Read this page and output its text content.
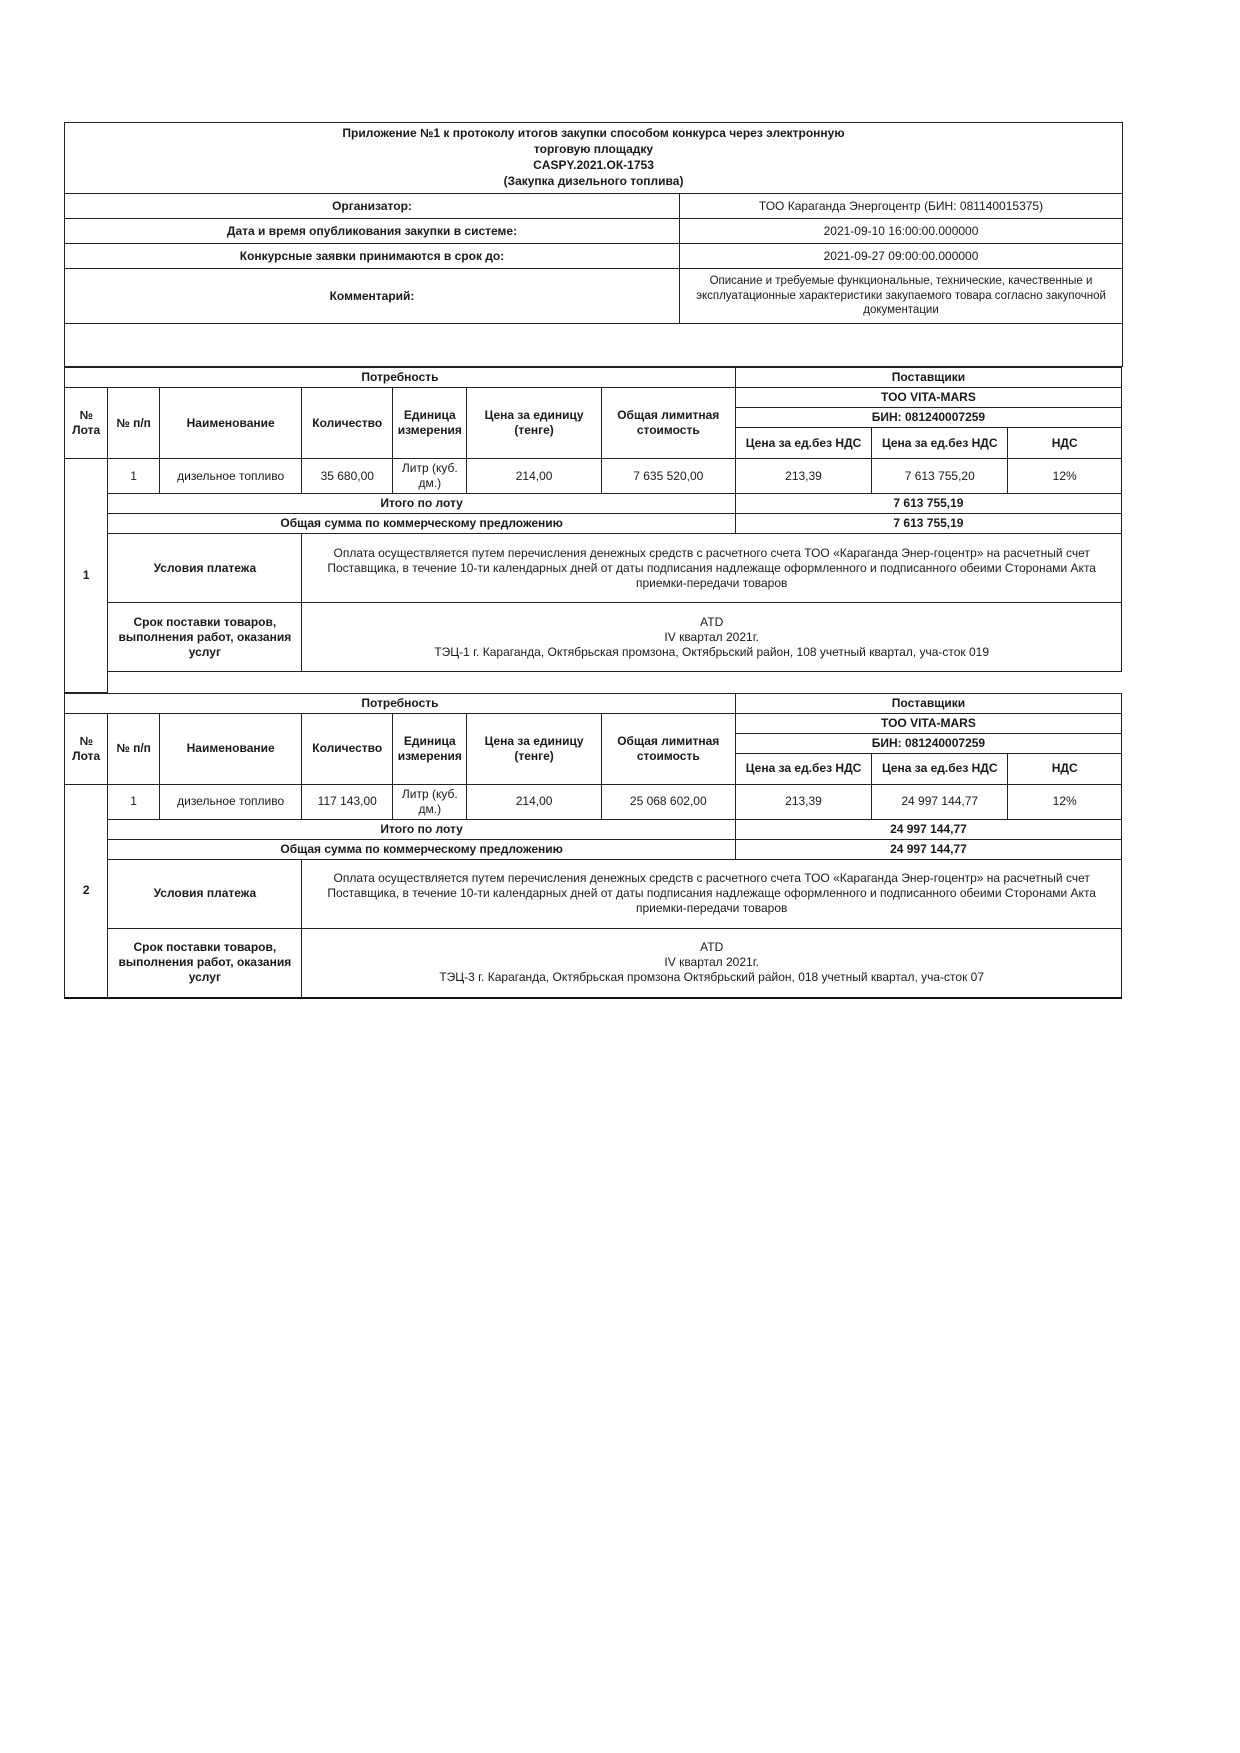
Приложение №1 к протоколу итогов закупки способом конкурса через электронную
торговую площадку
CASPY.2021.ОК-1753
(Закупка дизельного топлива)	

Организатор:	ТОО Караганда Энергоцентр (БИН: 081140015375)
Дата и время опубликования закупки в системе:	2021-09-10 16:00:00.000000
Конкурсные заявки принимаются в срок до:	2021-09-27 09:00:00.000000
Комментарий:	Описание и требуемые функциональные, технические, качественные и эксплуатационные характеристики закупаемого товара согласно закупочной документации

Потребность							Поставщики		
№ Лота	№ п/п	Наименование	Количество	Единица измерения	Цена за единицу (тенге)	Общая лимитная стоимость	ТОО VITA-MARS		
							БИН: 081240007259		
							Цена за ед.без НДС	Цена за ед.без НДС	НДС
1	1	дизельное топливо	35 680,00	Литр (куб. дм.)	214,00	7 635 520,00	213,39	7 613 755,20	12%
	Итого по лоту						7 613 755,19		
	Общая сумма по коммерческому предложению						7 613 755,19		
	Условия платежа		Оплата осуществляется путем перечисления денежных средств с расчетного счета ТОО «Караганда Энер-гоцентр» на расчетный счет Поставщика, в течение 10-ти календарных дней от даты подписания надлежаще оформленного и подписанного обеими Сторонами Акта приемки-передачи товаров						
	Срок поставки товаров, выполнения работ, оказания услуг		ATD
IV квартал 2021г.
ТЭЦ-1 г. Караганда, Октябрьская промзона, Октябрьский район, 108 учетный квартал, уча-сток 019						

Потребность							Поставщики		
№ Лота	№ п/п	Наименование	Количество	Единица измерения	Цена за единицу (тенге)	Общая лимитная стоимость	ТОО VITA-MARS		
							БИН: 081240007259		
							Цена за ед.без НДС	Цена за ед.без НДС	НДС
2	1	дизельное топливо	117 143,00	Литр (куб. дм.)	214,00	25 068 602,00	213,39	24 997 144,77	12%
	Итого по лоту						24 997 144,77		
	Общая сумма по коммерческому предложению						24 997 144,77		
	Условия платежа		Оплата осуществляется путем перечисления денежных средств с расчетного счета ТОО «Караганда Энер-гоцентр» на расчетный счет Поставщика, в течение 10-ти календарных дней от даты подписания надлежаще оформленного и подписанного обеими Сторонами Акта приемки-передачи товаров						
	Срок поставки товаров, выполнения работ, оказания услуг		ATD
IV квартал 2021г.
ТЭЦ-3 г. Караганда, Октябрьская промзона Октябрьский район, 018 учетный квартал, уча-сток 07						
